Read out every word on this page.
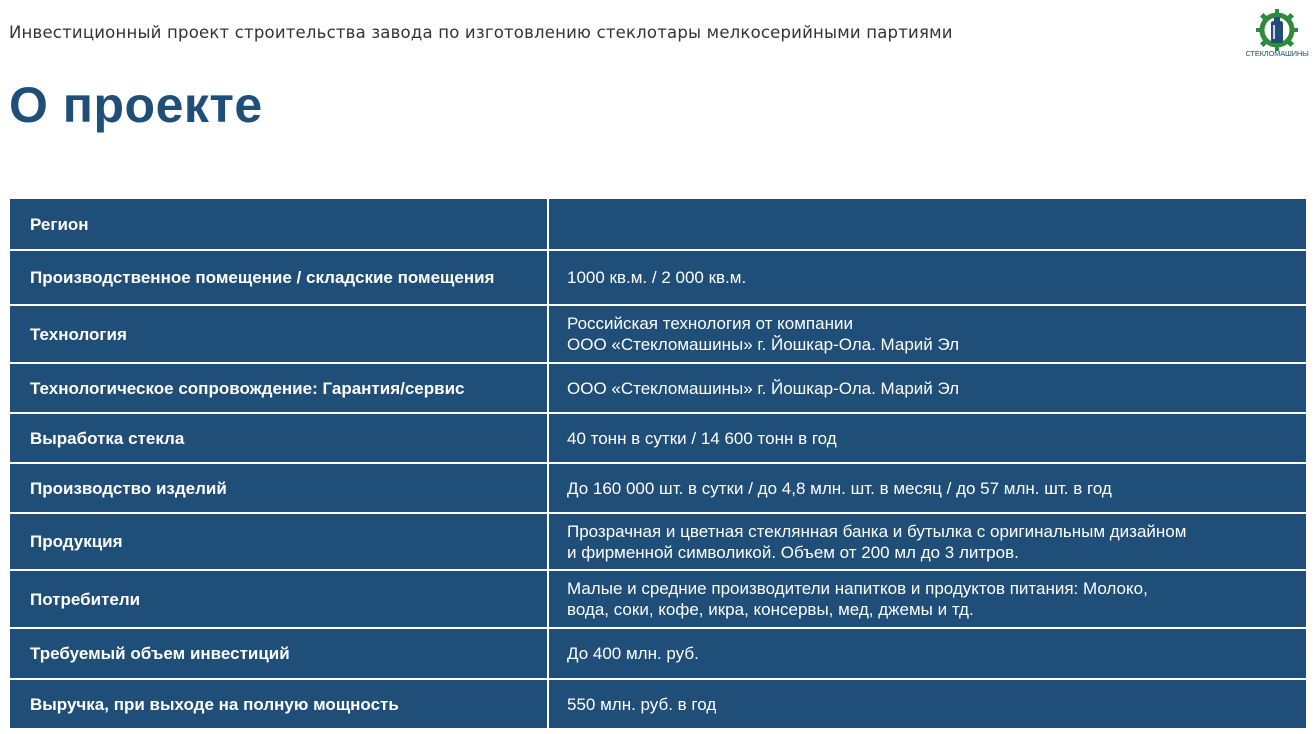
Инвестиционный проект строительства завода по изготовлению стеклотары мелкосерийными партиями
О проекте
СТЕКЛОМАШИНЫ
Регион	

Производственное помещение / складские помещения	1000 кв.м. / 2 000 кв.м.

Технология	Российская технология от компании
ООО «Стекломашины» г. Йошкар-Ола. Марий Эл

Технологическое сопровождение: Гарантия/сервис	ООО «Стекломашины» г. Йошкар-Ола. Марий Эл

Выработка стекла	40 тонн в сутки / 14 600 тонн в год

Производство изделий	До 160 000 шт. в сутки / до 4,8 млн. шт. в месяц / до 57 млн. шт. в год

Продукция	Прозрачная и цветная стеклянная банка и бутылка с оригинальным дизайном
и фирменной символикой. Объем от 200 мл до 3 литров.

Потребители	Малые и средние производители напитков и продуктов питания: Молоко,
вода, соки, кофе, икра, консервы, мед, джемы и тд.

Требуемый объем инвестиций	До 400 млн. руб.

Выручка, при выходе на полную мощность	550 млн. руб. в год
